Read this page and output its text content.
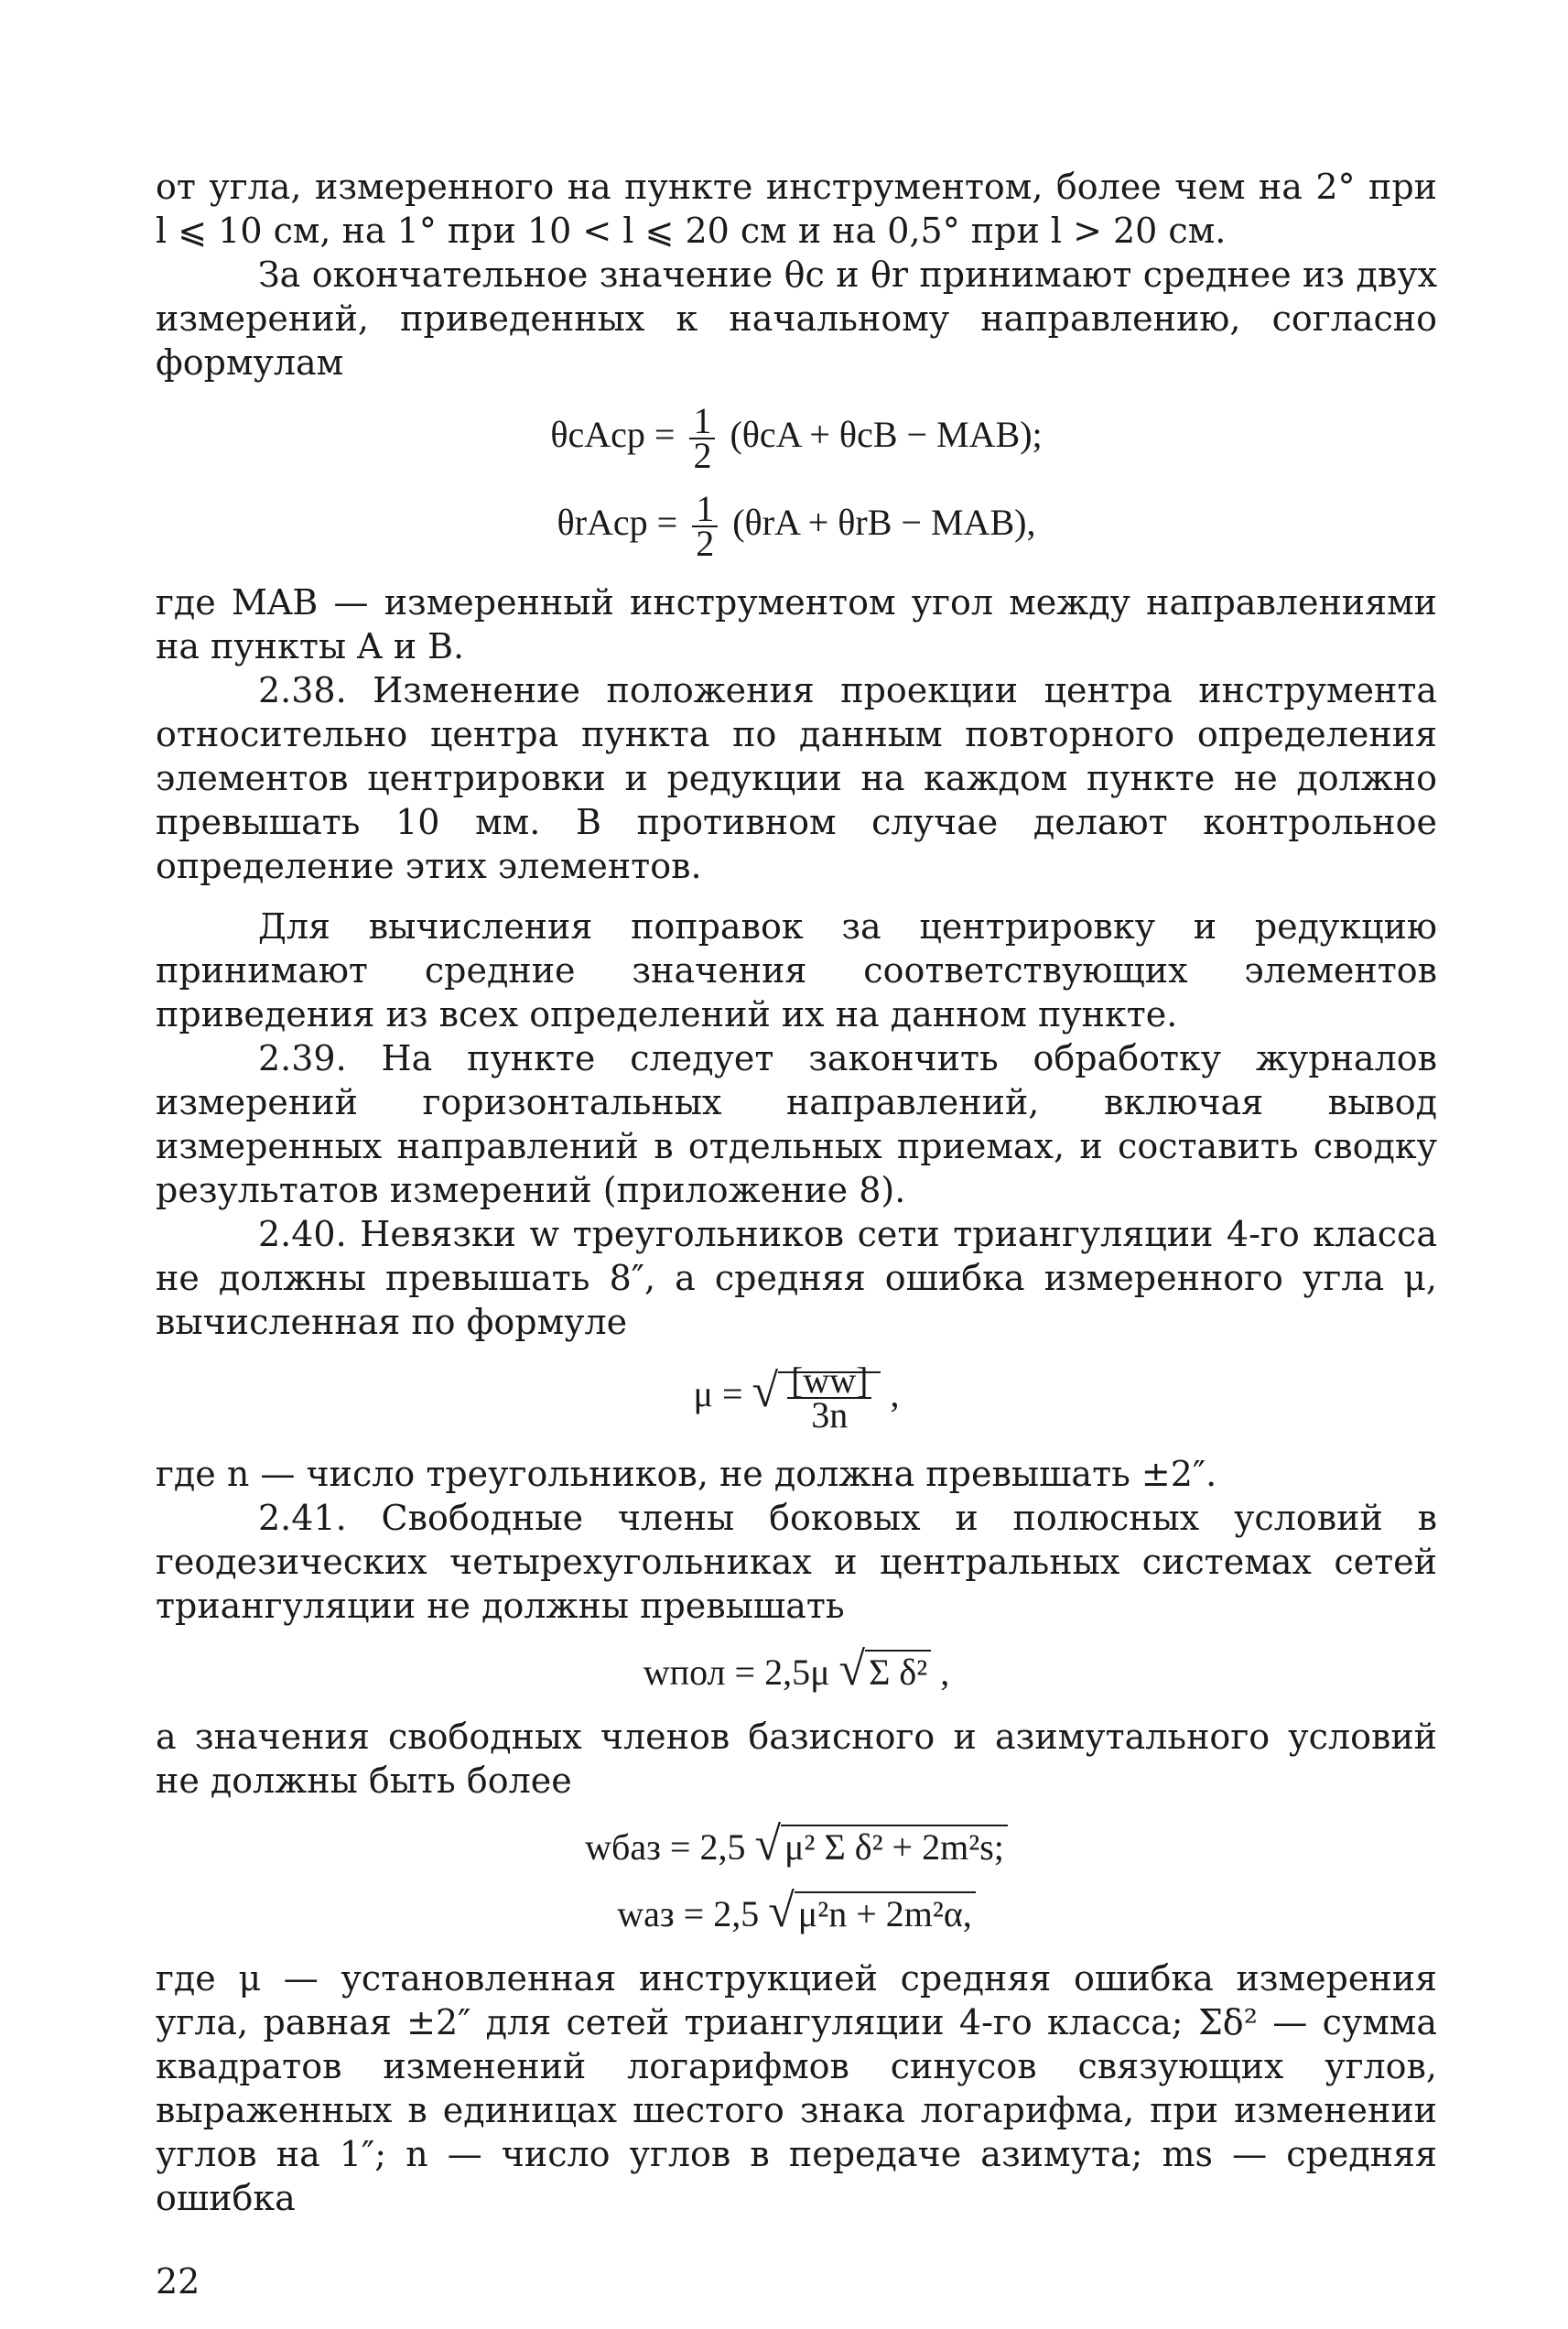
от угла, измеренного на пункте инструментом, более чем на 2° при l ⩽ 10 см, на 1° при 10 < l ⩽ 20 см и на 0,5° при l > 20 см.

За окончательное значение θc и θr принимают среднее из двух измерений, приведенных к начальному направлению, согласно формулам

θcAср = $\frac{1}{2} (\theta cA + \theta cB - MAB)$;
θrAср = $\frac{1}{2} (\theta rA + \theta rB - MAB)$,

где MAB — измеренный инструментом угол между направлениями на пункты A и B.

2.38. Изменение положения проекции центра инструмента относительно центра пункта по данным повторного определения элементов центрировки и редукции на каждом пункте не должно превышать 10 мм. В противном случае делают контрольное определение этих элементов.

Для вычисления поправок за центрировку и редукцию принимают средние значения соответствующих элементов приведения из всех определений их на данном пункте.

2.39. На пункте следует закончить обработку журналов измерений горизонтальных направлений, включая вывод измеренных направлений в отдельных приемах, и составить сводку результатов измерений (приложение 8).

2.40. Невязки w треугольников сети триангуляции 4-го класса не должны превышать 8″, а средняя ошибка измеренного угла μ, вычисленная по формуле

μ = √ $\frac{[ww]}{3n}$ ,

где n — число треугольников, не должна превышать ±2″.

2.41. Свободные члены боковых и полюсных условий в геодезических четырехугольниках и центральных системах сетей триангуляции не должны превышать

wпол = 2,5μ √ Σ δ² ,

а значения свободных членов базисного и азимутального условий не должны быть более

wбаз = 2,5 √ μ² Σ δ² + 2m²s;
wаз = 2,5 √ μ²n + 2m²α,

где μ — установленная инструкцией средняя ошибка измерения угла, равная ±2″ для сетей триангуляции 4-го класса; Σδ² — сумма квадратов изменений логарифмов синусов связующих углов, выраженных в единицах шестого знака логарифма, при изменении углов на 1″; n — число углов в передаче азимута; ms — средняя ошибка

22
